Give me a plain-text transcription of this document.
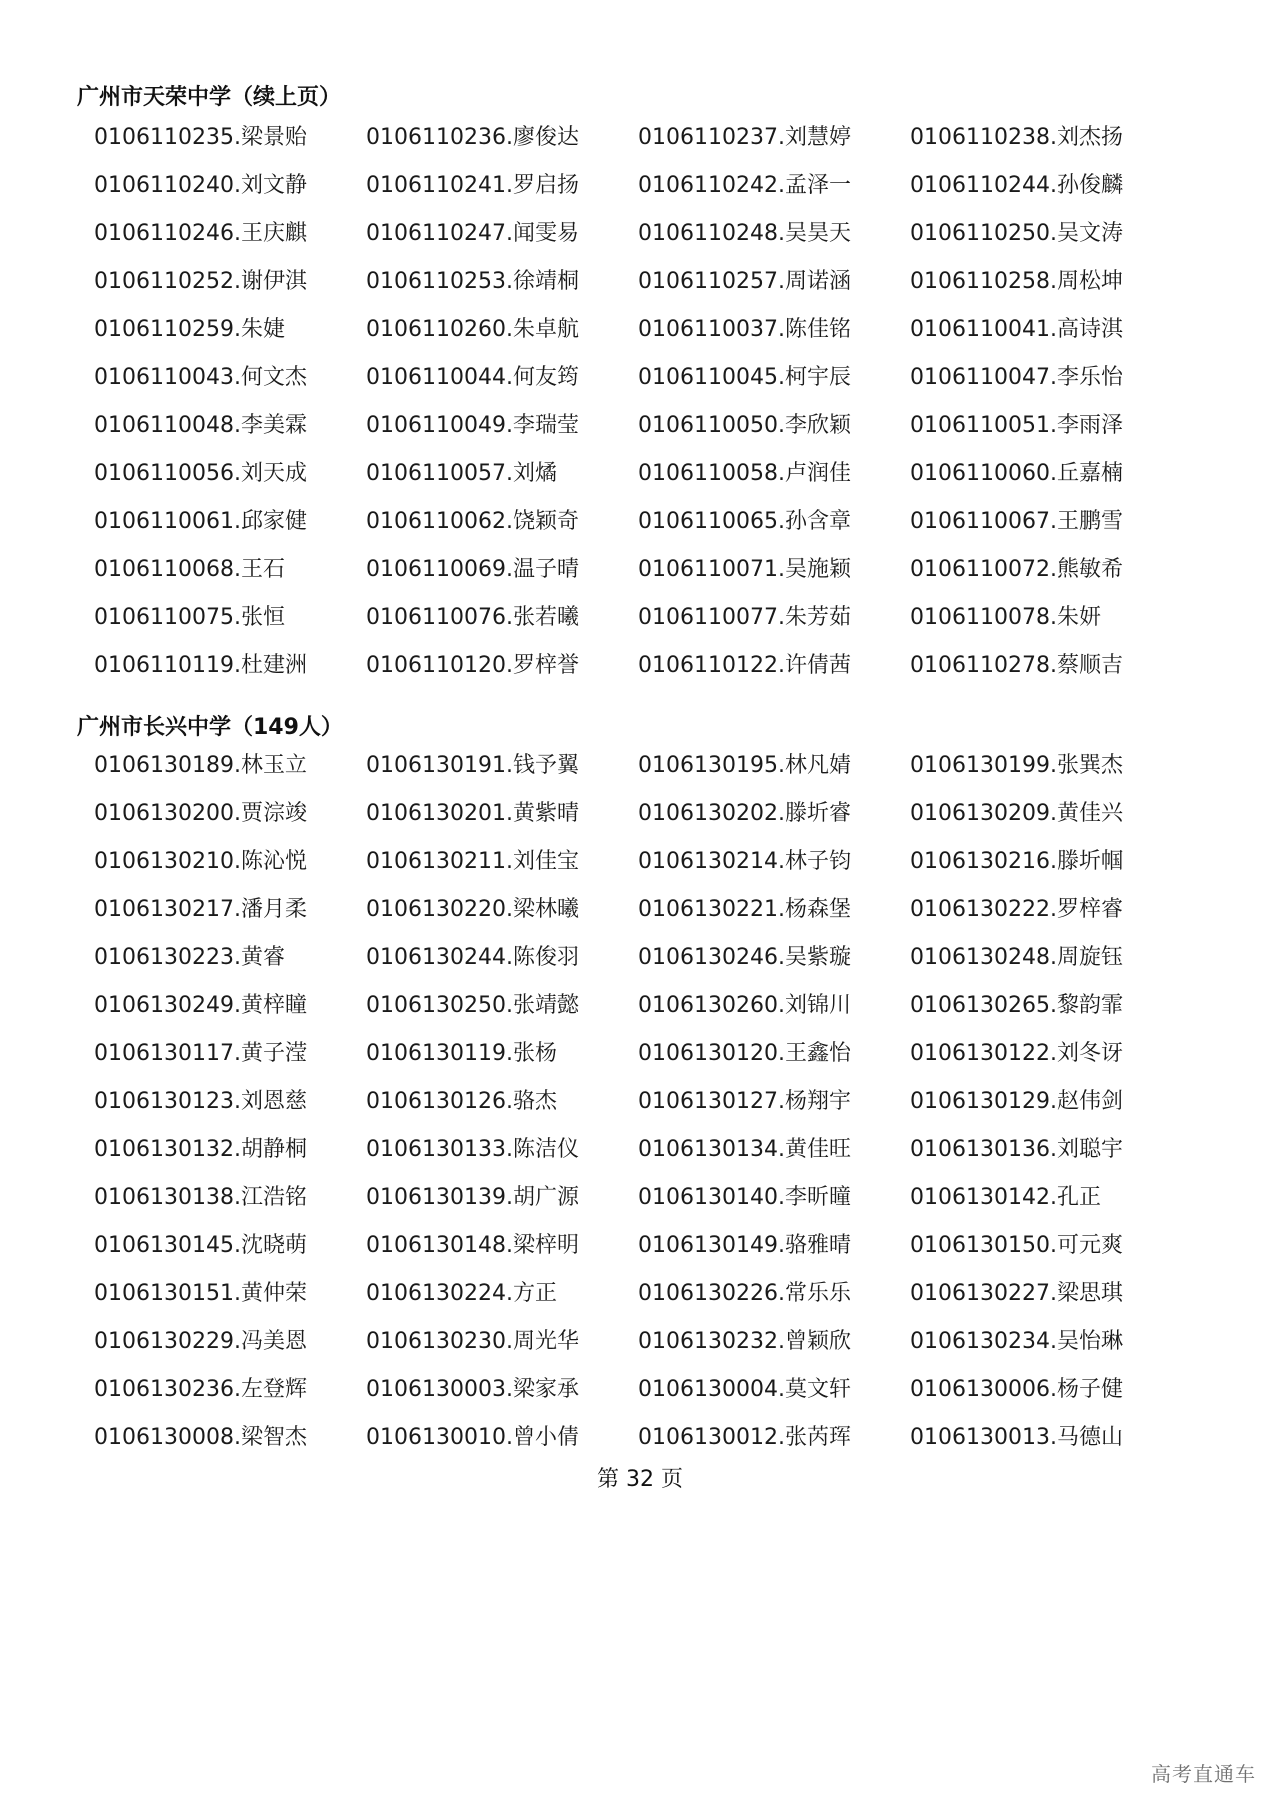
广州市天荣中学（续上页）
0106110235.梁景贻	0106110236.廖俊达	0106110237.刘慧婷	0106110238.刘杰扬
0106110240.刘文静	0106110241.罗启扬	0106110242.孟泽一	0106110244.孙俊麟
0106110246.王庆麒	0106110247.闻雯易	0106110248.吴昊天	0106110250.吴文涛
0106110252.谢伊淇	0106110253.徐靖桐	0106110257.周诺涵	0106110258.周松坤
0106110259.朱婕	0106110260.朱卓航	0106110037.陈佳铭	0106110041.高诗淇
0106110043.何文杰	0106110044.何友筠	0106110045.柯宇辰	0106110047.李乐怡
0106110048.李美霖	0106110049.李瑞莹	0106110050.李欣颖	0106110051.李雨泽
0106110056.刘天成	0106110057.刘燏	0106110058.卢润佳	0106110060.丘嘉楠
0106110061.邱家健	0106110062.饶颖奇	0106110065.孙含章	0106110067.王鹏雪
0106110068.王石	0106110069.温子晴	0106110071.吴施颖	0106110072.熊敏希
0106110075.张恒	0106110076.张若曦	0106110077.朱芳茹	0106110078.朱妍
0106110119.杜建洲	0106110120.罗梓誉	0106110122.许倩茜	0106110278.蔡顺吉
广州市长兴中学（149人）
0106130189.林玉立	0106130191.钱予翼	0106130195.林凡婧	0106130199.张巽杰
0106130200.贾淙竣	0106130201.黄紫晴	0106130202.滕圻睿	0106130209.黄佳兴
0106130210.陈沁悦	0106130211.刘佳宝	0106130214.林子钧	0106130216.滕圻帼
0106130217.潘月柔	0106130220.梁林曦	0106130221.杨森堡	0106130222.罗梓睿
0106130223.黄睿	0106130244.陈俊羽	0106130246.吴紫璇	0106130248.周旋钰
0106130249.黄梓瞳	0106130250.张靖懿	0106130260.刘锦川	0106130265.黎韵霏
0106130117.黄子滢	0106130119.张杨	0106130120.王鑫怡	0106130122.刘冬讶
0106130123.刘恩慈	0106130126.骆杰	0106130127.杨翔宇	0106130129.赵伟剑
0106130132.胡静桐	0106130133.陈洁仪	0106130134.黄佳旺	0106130136.刘聪宇
0106130138.江浩铭	0106130139.胡广源	0106130140.李昕曈	0106130142.孔正
0106130145.沈晓萌	0106130148.梁梓明	0106130149.骆雅晴	0106130150.可元爽
0106130151.黄仲荣	0106130224.方正	0106130226.常乐乐	0106130227.梁思琪
0106130229.冯美恩	0106130230.周光华	0106130232.曾颖欣	0106130234.吴怡琳
0106130236.左登辉	0106130003.梁家承	0106130004.莫文轩	0106130006.杨子健
0106130008.梁智杰	0106130010.曾小倩	0106130012.张芮珲	0106130013.马德山
第 32 页
高考直通车
